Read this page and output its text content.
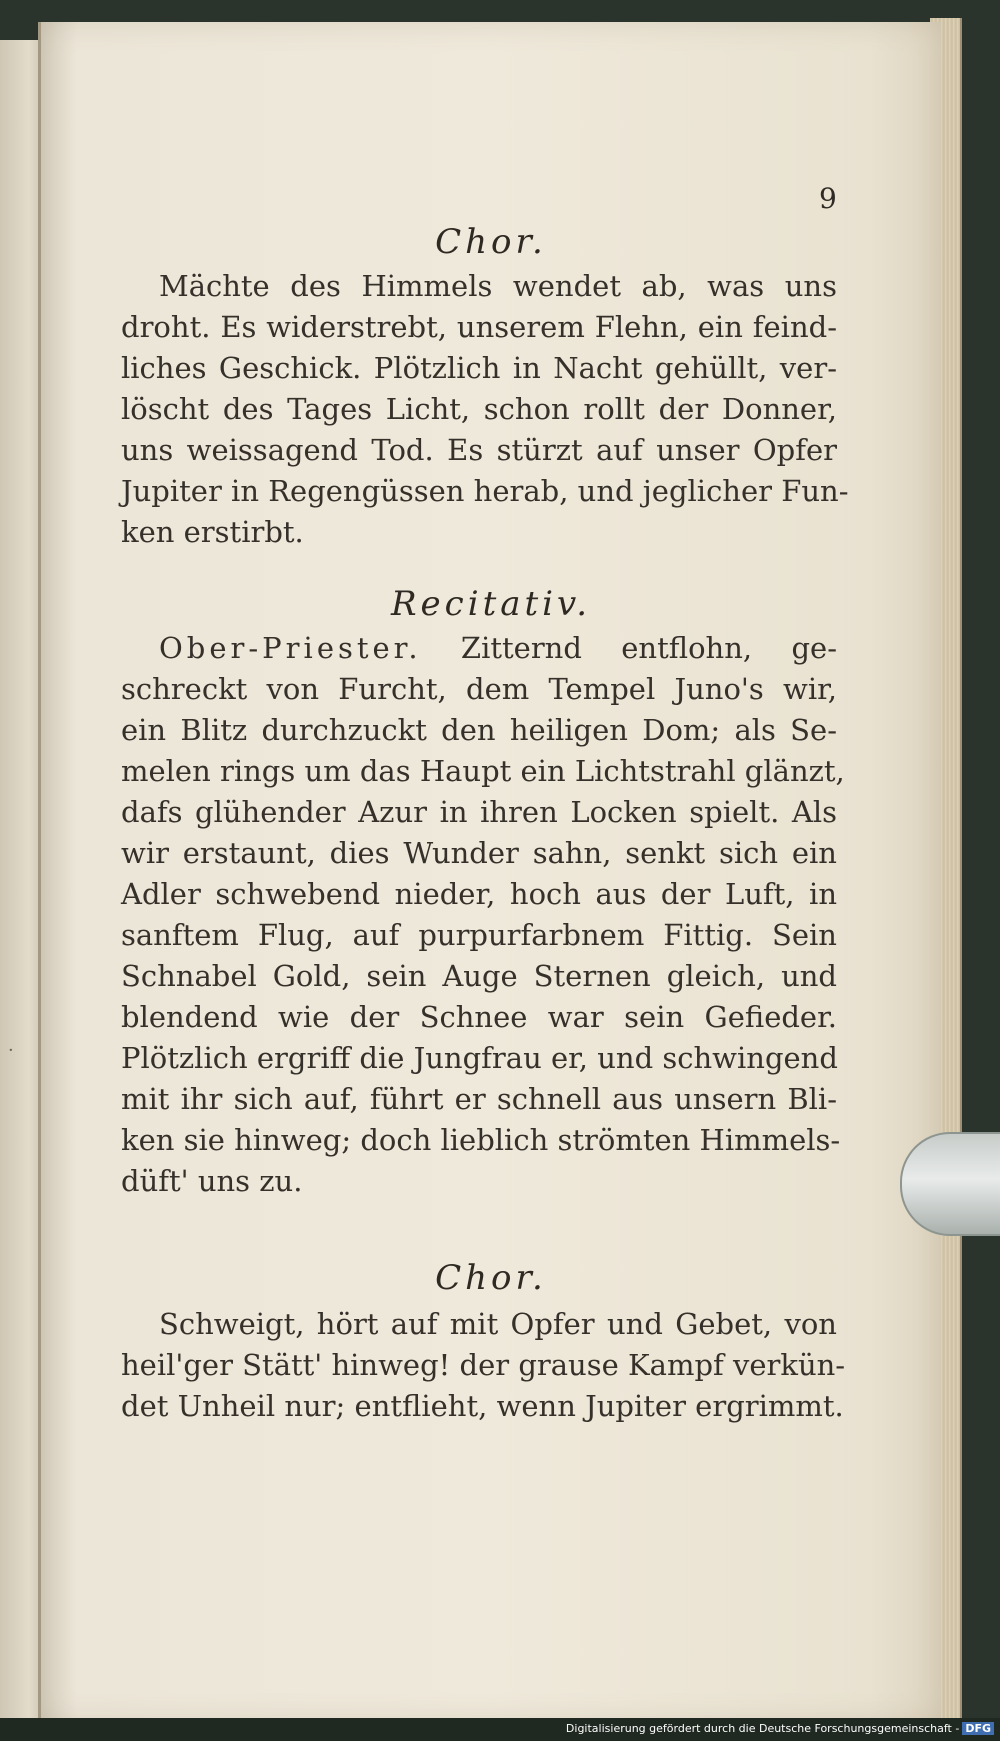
·
9
Chor.
Mächte des Himmels wendet ab, was uns
droht. Es widerstrebt, unserem Flehn, ein feind-
liches Geschick. Plötzlich in Nacht gehüllt, ver-
löscht des Tages Licht, schon rollt der Donner,
uns weissagend Tod. Es stürzt auf unser Opfer
Jupiter in Regengüssen herab, und jeglicher Fun-
ken erstirbt.
Recitativ.
Ober-Priester. Zitternd entflohn, ge-
schreckt von Furcht, dem Tempel Juno's wir,
ein Blitz durchzuckt den heiligen Dom; als Se-
melen rings um das Haupt ein Lichtstrahl glänzt,
dafs glühender Azur in ihren Locken spielt. Als
wir erstaunt, dies Wunder sahn, senkt sich ein
Adler schwebend nieder, hoch aus der Luft, in
sanftem Flug, auf purpurfarbnem Fittig. Sein
Schnabel Gold, sein Auge Sternen gleich, und
blendend wie der Schnee war sein Gefieder.
Plötzlich ergriff die Jungfrau er, und schwingend
mit ihr sich auf, führt er schnell aus unsern Bli-
ken sie hinweg; doch lieblich strömten Himmels-
düft' uns zu.
Chor.
Schweigt, hört auf mit Opfer und Gebet, von
heil'ger Stätt' hinweg! der grause Kampf verkün-
det Unheil nur; entflieht, wenn Jupiter ergrimmt.
Digitalisierung gefördert durch die Deutsche Forschungsgemeinschaft - DFG
